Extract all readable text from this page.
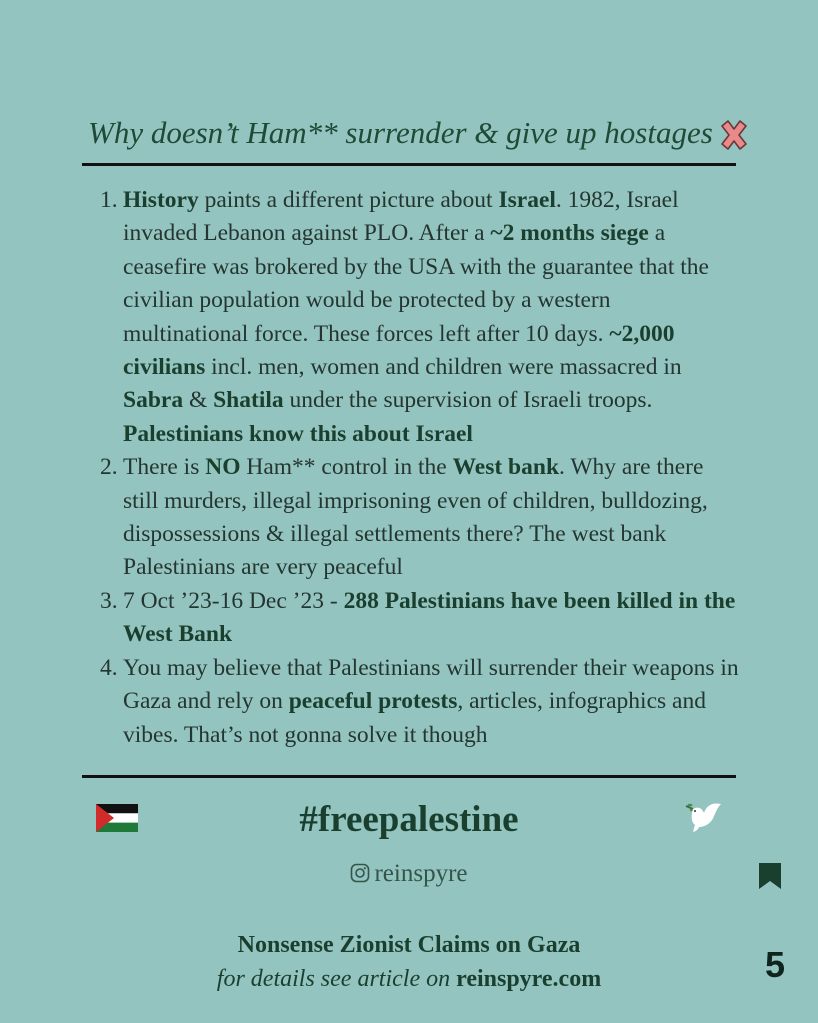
Why doesn’t Ham** surrender & give up hostages
1. History paints a different picture about Israel. 1982, Israel invaded Lebanon against PLO. After a ~2 months siege a ceasefire was brokered by the USA with the guarantee that the civilian population would be protected by a western multinational force. These forces left after 10 days. ~2,000 civilians incl. men, women and children were massacred in Sabra & Shatila under the supervision of Israeli troops. Palestinians know this about Israel
2. There is NO Ham** control in the West bank. Why are there still murders, illegal imprisoning even of children, bulldozing, dispossessions & illegal settlements there? The west bank Palestinians are very peaceful
3. 7 Oct ’23-16 Dec ’23 - 288 Palestinians have been killed in the West Bank
4. You may believe that Palestinians will surrender their weapons in Gaza and rely on peaceful protests, articles, infographics and vibes. That’s not gonna solve it though
#freepalestine
reinspyre
Nonsense Zionist Claims on Gaza
for details see article on reinspyre.com	5
